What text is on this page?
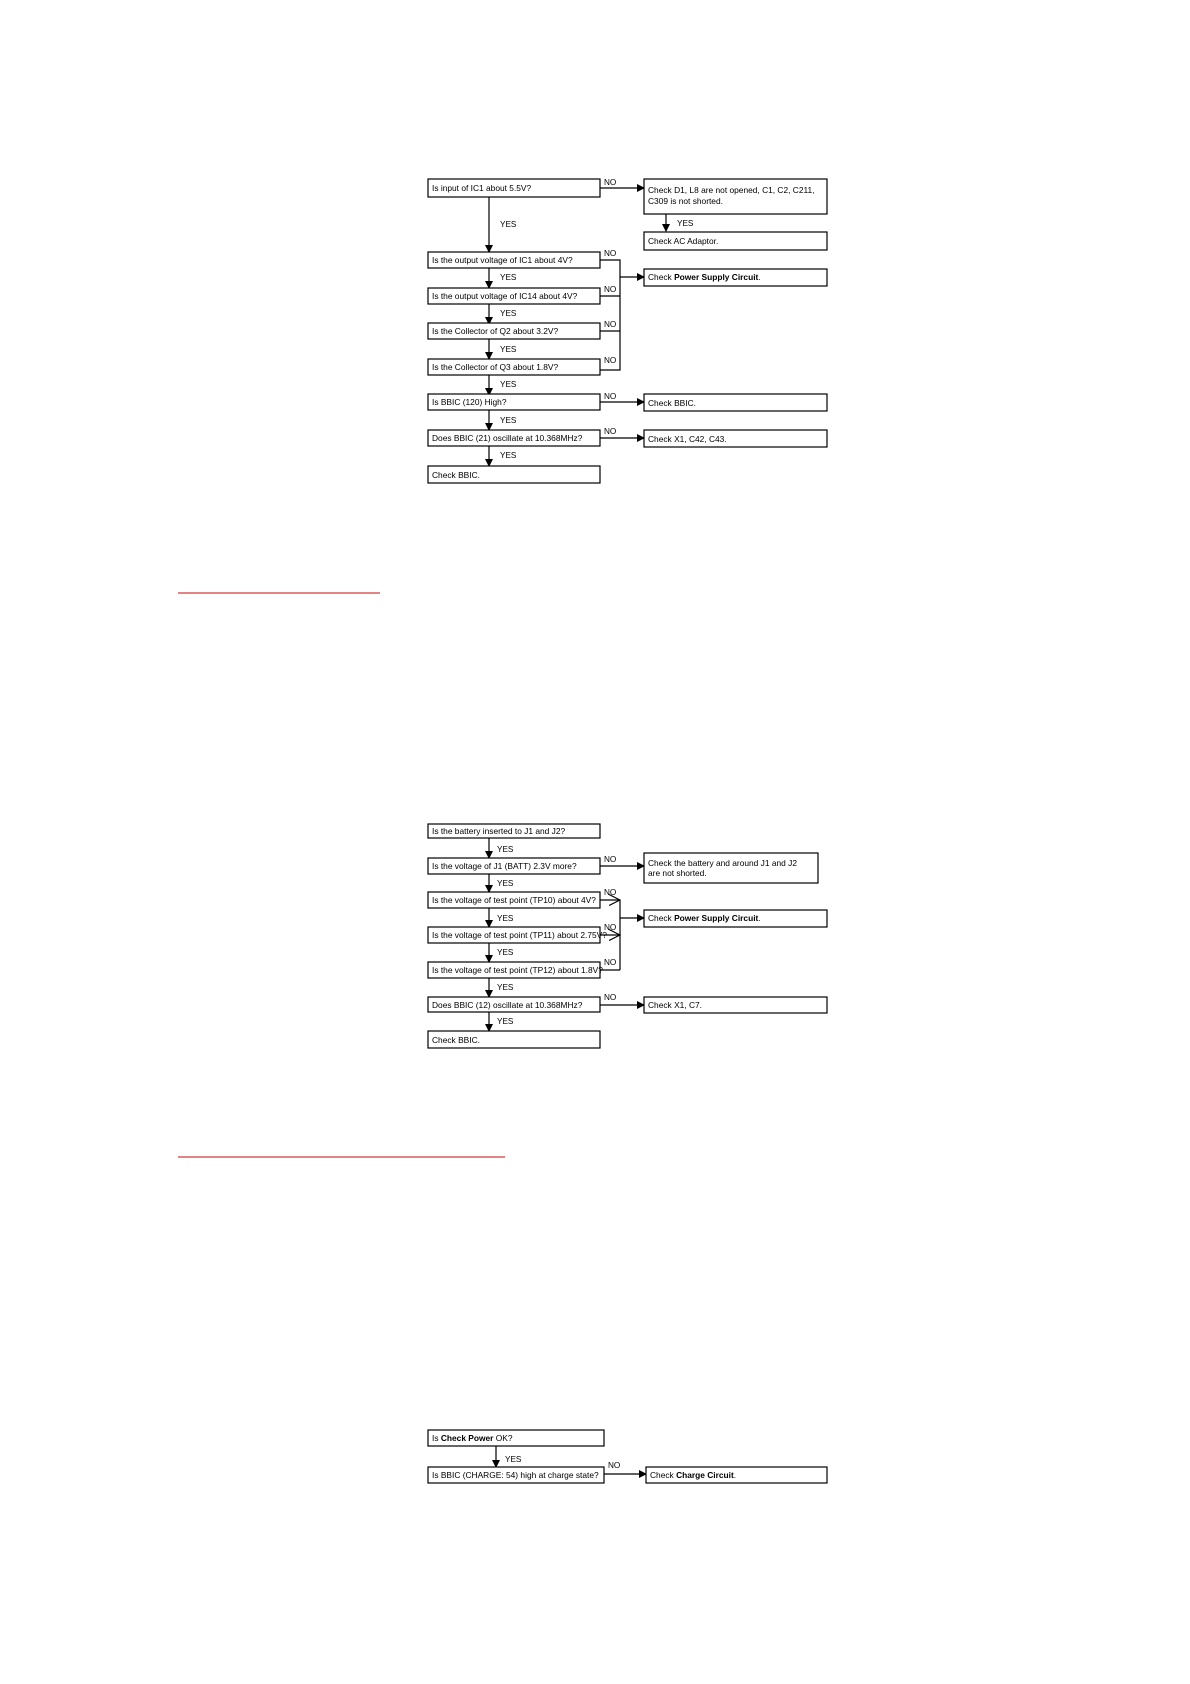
Is input of IC1 about 5.5V?	Check D1, L8 are not opened, C1, C2, C211,
C309 is not shorted.
Check AC Adaptor.
Is the output voltage of IC1 about 4V?
Check Power Supply Circuit.
Is the output voltage of IC14 about 4V?
Is the Collector of Q2 about 3.2V?
Is the Collector of Q3 about 1.8V?
Is BBIC (120) High?	Check BBIC.
Does BBIC (21) oscillate at 10.368MHz?	Check X1, C42, C43.
Check BBIC.
YES	YES
YES
YES
YES
YES
YES
YES
NO
NO
NO
NO
NO
NO
NO
Is the battery inserted to J1 and J2?
Is the voltage of J1 (BATT) 2.3V more?	Check the battery and around J1 and J2
are not shorted.
Is the voltage of test point (TP10) about 4V?
Check Power Supply Circuit.
Is the voltage of test point (TP11) about 2.75V?
Is the voltage of test point (TP12) about 1.8V?
Does BBIC (12) oscillate at 10.368MHz?	Check X1, C7.
Check BBIC.
YES
YES
YES
YES
YES
YES
NO
NO
NO
NO
NO
Is Check Power OK?
Is BBIC (CHARGE: 54) high at charge state?	Check Charge Circuit.
YES
NO
